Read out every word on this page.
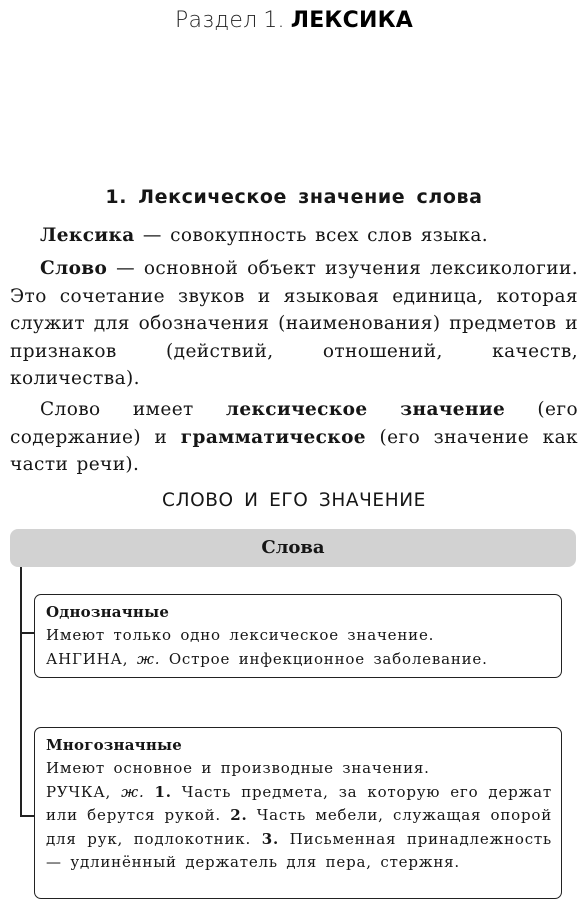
Раздел 1. ЛЕКСИКА
1. Лексическое значение слова
Лексика — совокупность всех слов языка.
Слово — основной объект изучения лексикологии. Это сочетание звуков и языковая единица, которая служит для обозначения (наименования) предметов и признаков (действий, отношений, качеств, количества).
Слово имеет лексическое значение (его содержание) и грамматическое (его значение как части речи).
СЛОВО И ЕГО ЗНАЧЕНИЕ
Слова
Однозначные
Имеют только одно лексическое значение.
АНГИНА, ж. Острое инфекционное заболевание.
Многозначные
Имеют основное и производные значения.
РУЧКА, ж. 1. Часть предмета, за которую его держат или берутся рукой. 2. Часть мебели, служащая опорой для рук, подлокотник. 3. Письменная принадлежность — удлинённый держатель для пера, стержня.
